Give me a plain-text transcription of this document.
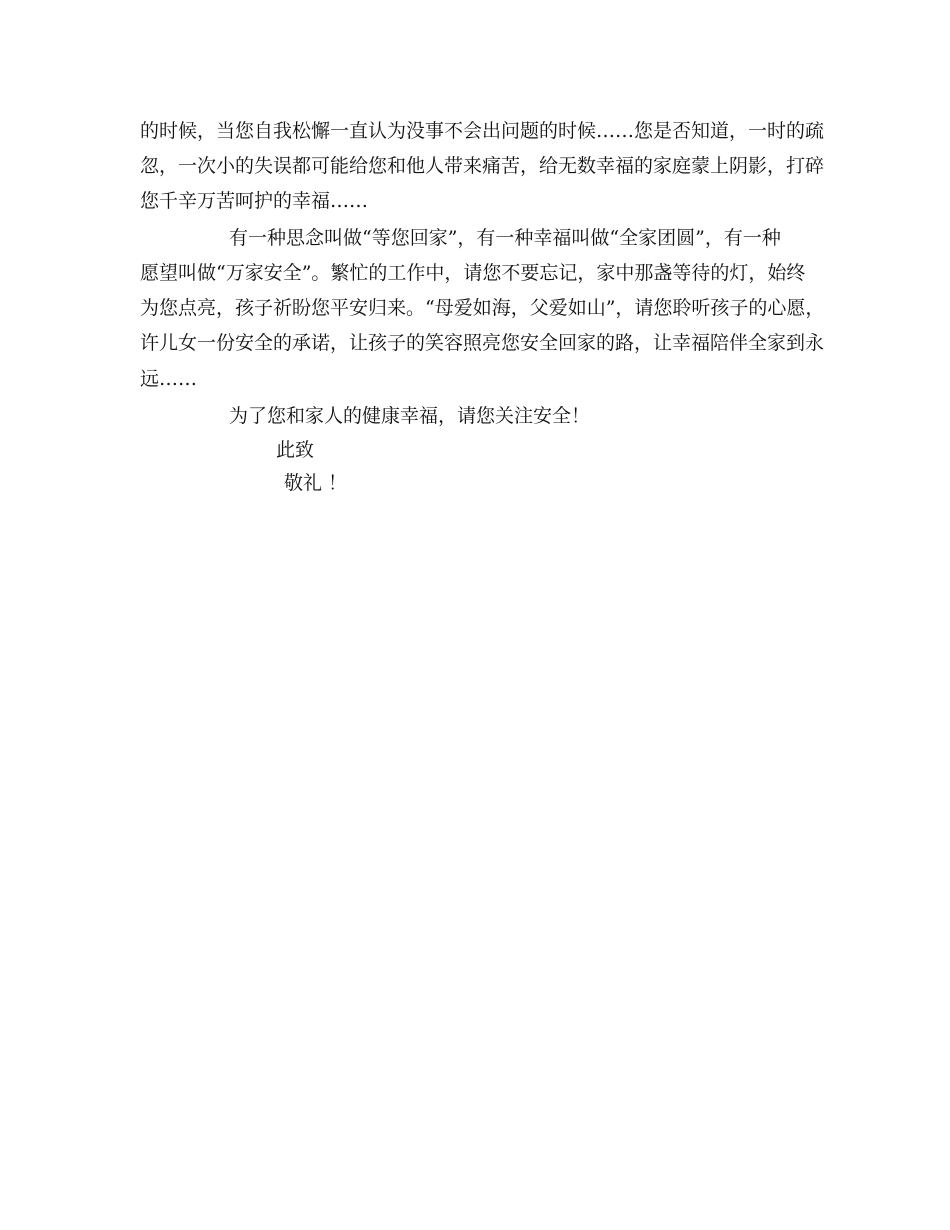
的时候，当您自我松懈一直认为没事不会出问题的时候……您是否知道，一时的疏
忽，一次小的失误都可能给您和他人带来痛苦，给无数幸福的家庭蒙上阴影，打碎
您千辛万苦呵护的幸福……
有一种思念叫做“等您回家”，有一种幸福叫做“全家团圆”，有一种
愿望叫做“万家安全”。繁忙的工作中，请您不要忘记，家中那盏等待的灯，始终
为您点亮，孩子祈盼您平安归来。“母爱如海，父爱如山”，请您聆听孩子的心愿，
许儿女一份安全的承诺，让孩子的笑容照亮您安全回家的路，让幸福陪伴全家到永
远……
为了您和家人的健康幸福，请您关注安全！
此致
敬礼 ！
